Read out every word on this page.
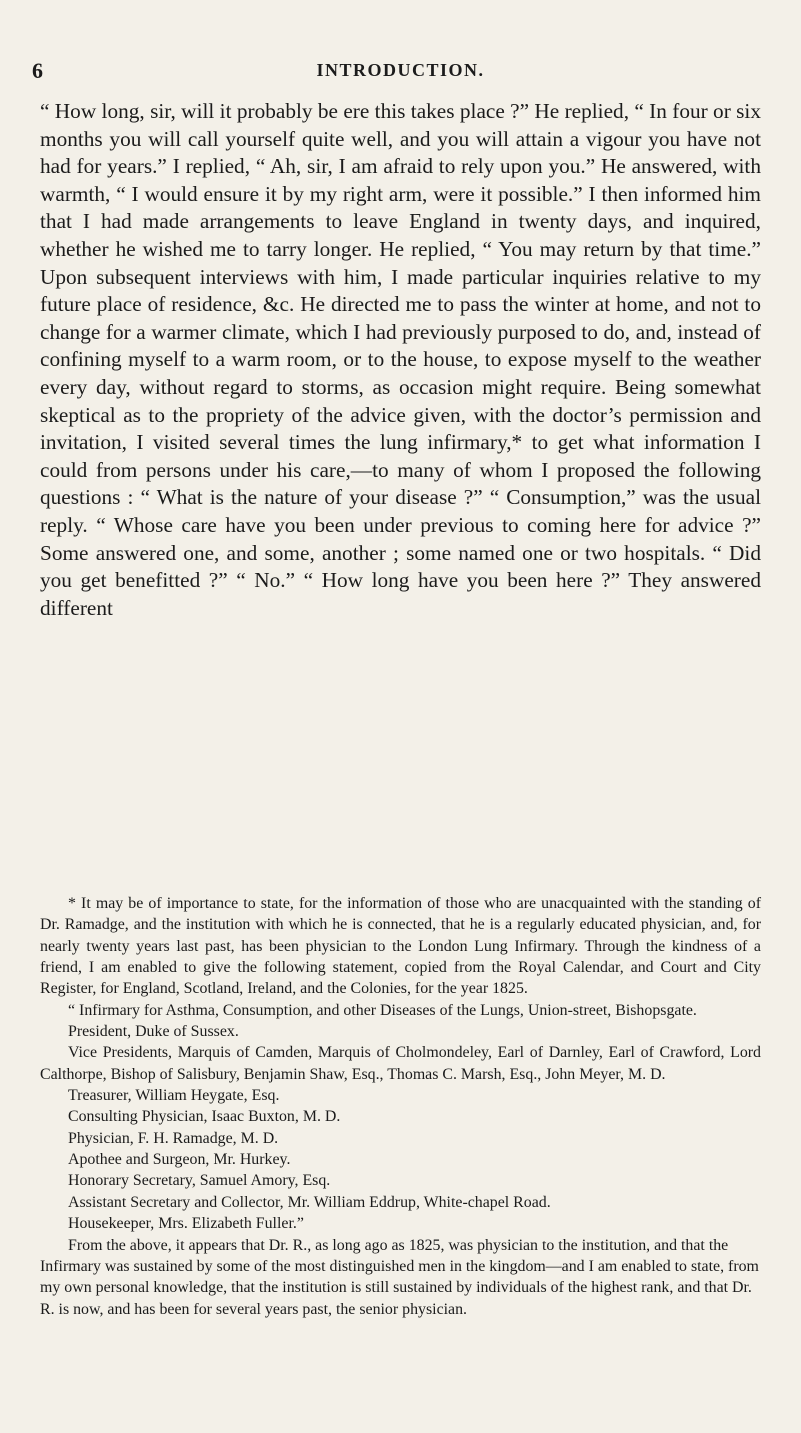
6	INTRODUCTION.

“ How long, sir, will it probably be ere this takes place ?” He replied, “ In four or six months you will call yourself quite well, and you will attain a vigour you have not had for years.” I replied, “ Ah, sir, I am afraid to rely upon you.” He answered, with warmth, “ I would ensure it by my right arm, were it possible.” I then informed him that I had made arrangements to leave England in twenty days, and inquired, whether he wished me to tarry longer. He replied, “ You may return by that time.” Upon subsequent interviews with him, I made particular inquiries relative to my future place of residence, &c. He directed me to pass the winter at home, and not to change for a warmer climate, which I had previously purposed to do, and, instead of confining myself to a warm room, or to the house, to expose myself to the weather every day, without regard to storms, as occasion might require. Being somewhat skeptical as to the propriety of the advice given, with the doctor’s permission and invitation, I visited several times the lung infirmary,* to get what information I could from persons under his care,—to many of whom I proposed the following questions : “ What is the nature of your disease ?” “ Consumption,” was the usual reply. “ Whose care have you been under previous to coming here for advice ?” Some answered one, and some, another ; some named one or two hospitals. “ Did you get benefitted ?” “ No.” “ How long have you been here ?” They answered different

* It may be of importance to state, for the information of those who are unacquainted with the standing of Dr. Ramadge, and the institution with which he is connected, that he is a regularly educated physician, and, for nearly twenty years last past, has been physician to the London Lung Infirmary. Through the kindness of a friend, I am enabled to give the following statement, copied from the Royal Calendar, and Court and City Register, for England, Scotland, Ireland, and the Colonies, for the year 1825.

“ Infirmary for Asthma, Consumption, and other Diseases of the Lungs, Union-street, Bishopsgate.

President, Duke of Sussex.

Vice Presidents, Marquis of Camden, Marquis of Cholmondeley, Earl of Darnley, Earl of Crawford, Lord Calthorpe, Bishop of Salisbury, Benjamin Shaw, Esq., Thomas C. Marsh, Esq., John Meyer, M. D.

Treasurer, William Heygate, Esq.

Consulting Physician, Isaac Buxton, M. D.

Physician, F. H. Ramadge, M. D.

Apothee and Surgeon, Mr. Hurkey.

Honorary Secretary, Samuel Amory, Esq.

Assistant Secretary and Collector, Mr. William Eddrup, White-chapel Road.

Housekeeper, Mrs. Elizabeth Fuller.”

From the above, it appears that Dr. R., as long ago as 1825, was physician to the institution, and that the Infirmary was sustained by some of the most distinguished men in the kingdom—and I am enabled to state, from my own personal knowledge, that the institution is still sustained by individuals of the highest rank, and that Dr. R. is now, and has been for several years past, the senior physician.
